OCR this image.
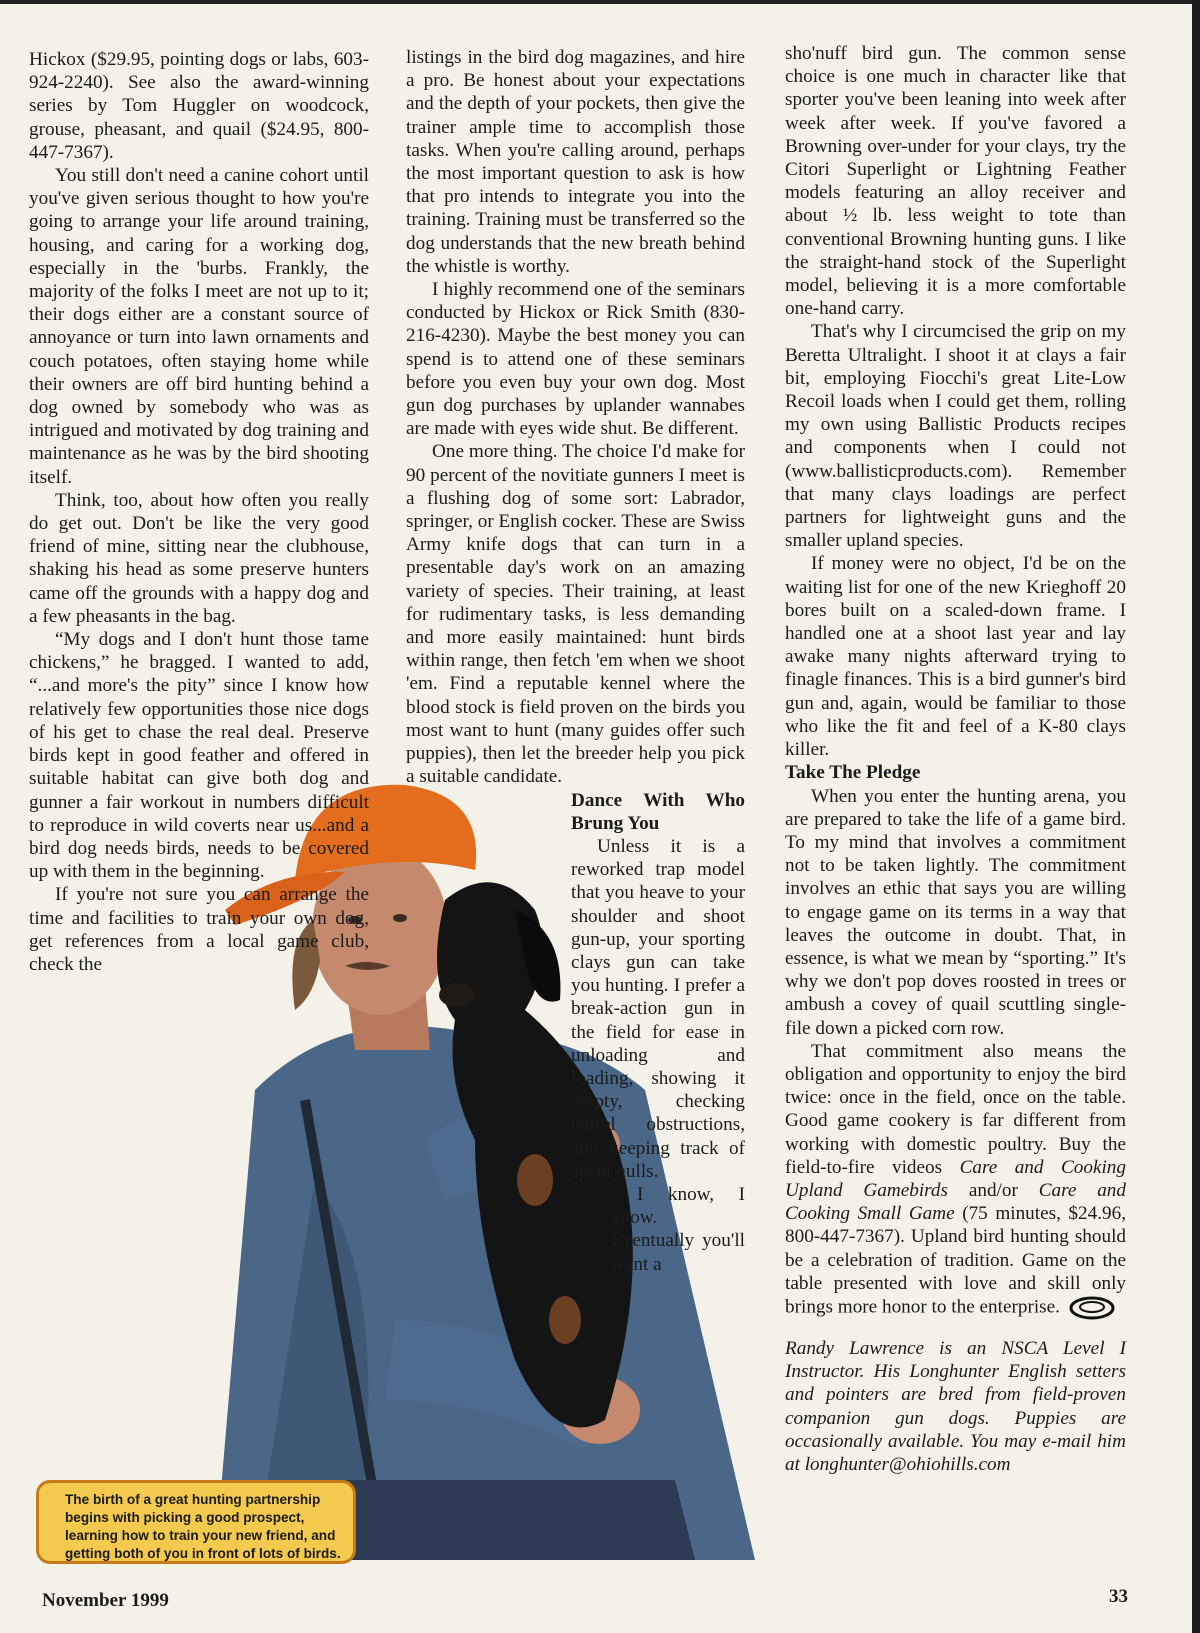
Hickox ($29.95, pointing dogs or labs, 603-924-2240). See also the award-winning series by Tom Huggler on woodcock, grouse, pheasant, and quail ($24.95, 800-447-7367).

You still don't need a canine cohort until you've given serious thought to how you're going to arrange your life around training, housing, and caring for a working dog, especially in the 'burbs. Frankly, the majority of the folks I meet are not up to it; their dogs either are a constant source of annoyance or turn into lawn ornaments and couch potatoes, often staying home while their owners are off bird hunting behind a dog owned by somebody who was as intrigued and motivated by dog training and maintenance as he was by the bird shooting itself.

Think, too, about how often you really do get out. Don't be like the very good friend of mine, sitting near the clubhouse, shaking his head as some preserve hunters came off the grounds with a happy dog and a few pheasants in the bag.

“My dogs and I don't hunt those tame chickens,” he bragged. I wanted to add, “...and more's the pity” since I know how relatively few opportunities those nice dogs of his get to chase the real deal. Preserve birds kept in good feather and offered in suitable habitat can give both dog and gunner a fair workout in numbers difficult to reproduce in wild coverts near us...and a bird dog needs birds, needs to be covered up with them in the beginning.

If you're not sure you can arrange the time and facilities to train your own dog, get references from a local game club, check the

listings in the bird dog magazines, and hire a pro. Be honest about your expectations and the depth of your pockets, then give the trainer ample time to accomplish those tasks. When you're calling around, perhaps the most important question to ask is how that pro intends to integrate you into the training. Training must be transferred so the dog understands that the new breath behind the whistle is worthy.

I highly recommend one of the seminars conducted by Hickox or Rick Smith (830-216-4230). Maybe the best money you can spend is to attend one of these seminars before you even buy your own dog. Most gun dog purchases by uplander wannabes are made with eyes wide shut. Be different.

One more thing. The choice I'd make for 90 percent of the novitiate gunners I meet is a flushing dog of some sort: Labrador, springer, or English cocker. These are Swiss Army knife dogs that can turn in a presentable day's work on an amazing variety of species. Their training, at least for rudimentary tasks, is less demanding and more easily maintained: hunt birds within range, then fetch 'em when we shoot 'em. Find a reputable kennel where the blood stock is field proven on the birds you most want to hunt (many guides offer such puppies), then let the breeder help you pick a suitable candidate.

Dance With Who Brung You

Unless it is a reworked trap model that you heave to your shoulder and shoot gun-up, your sporting clays gun can take you hunting. I prefer a break-action gun in the field for ease in unloading and loading, showing it empty, checking barrel obstructions, and keeping track of spent hulls.

I know, I know. Eventually you'll want a

sho'nuff bird gun. The common sense choice is one much in character like that sporter you've been leaning into week after week after week. If you've favored a Browning over-under for your clays, try the Citori Superlight or Lightning Feather models featuring an alloy receiver and about ½ lb. less weight to tote than conventional Browning hunting guns. I like the straight-hand stock of the Superlight model, believing it is a more comfortable one-hand carry.

That's why I circumcised the grip on my Beretta Ultralight. I shoot it at clays a fair bit, employing Fiocchi's great Lite-Low Recoil loads when I could get them, rolling my own using Ballistic Products recipes and components when I could not (www.ballisticproducts.com). Remember that many clays loadings are perfect partners for lightweight guns and the smaller upland species.

If money were no object, I'd be on the waiting list for one of the new Krieghoff 20 bores built on a scaled-down frame. I handled one at a shoot last year and lay awake many nights afterward trying to finagle finances. This is a bird gunner's bird gun and, again, would be familiar to those who like the fit and feel of a K-80 clays killer.

Take The Pledge

When you enter the hunting arena, you are prepared to take the life of a game bird. To my mind that involves a commitment not to be taken lightly. The commitment involves an ethic that says you are willing to engage game on its terms in a way that leaves the outcome in doubt. That, in essence, is what we mean by “sporting.” It's why we don't pop doves roosted in trees or ambush a covey of quail scuttling single-file down a picked corn row.

That commitment also means the obligation and opportunity to enjoy the bird twice: once in the field, once on the table. Good game cookery is far different from working with domestic poultry. Buy the field-to-fire videos Care and Cooking Upland Gamebirds and/or Care and Cooking Small Game (75 minutes, $24.96, 800-447-7367). Upland bird hunting should be a celebration of tradition. Game on the table presented with love and skill only brings more honor to the enterprise.

Randy Lawrence is an NSCA Level I Instructor. His Longhunter English setters and pointers are bred from field-proven companion gun dogs. Puppies are occasionally available. You may e-mail him at longhunter@ohiohills.com

The birth of a great hunting partnership begins with picking a good prospect, learning how to train your new friend, and getting both of you in front of lots of birds.
November 1999	33
